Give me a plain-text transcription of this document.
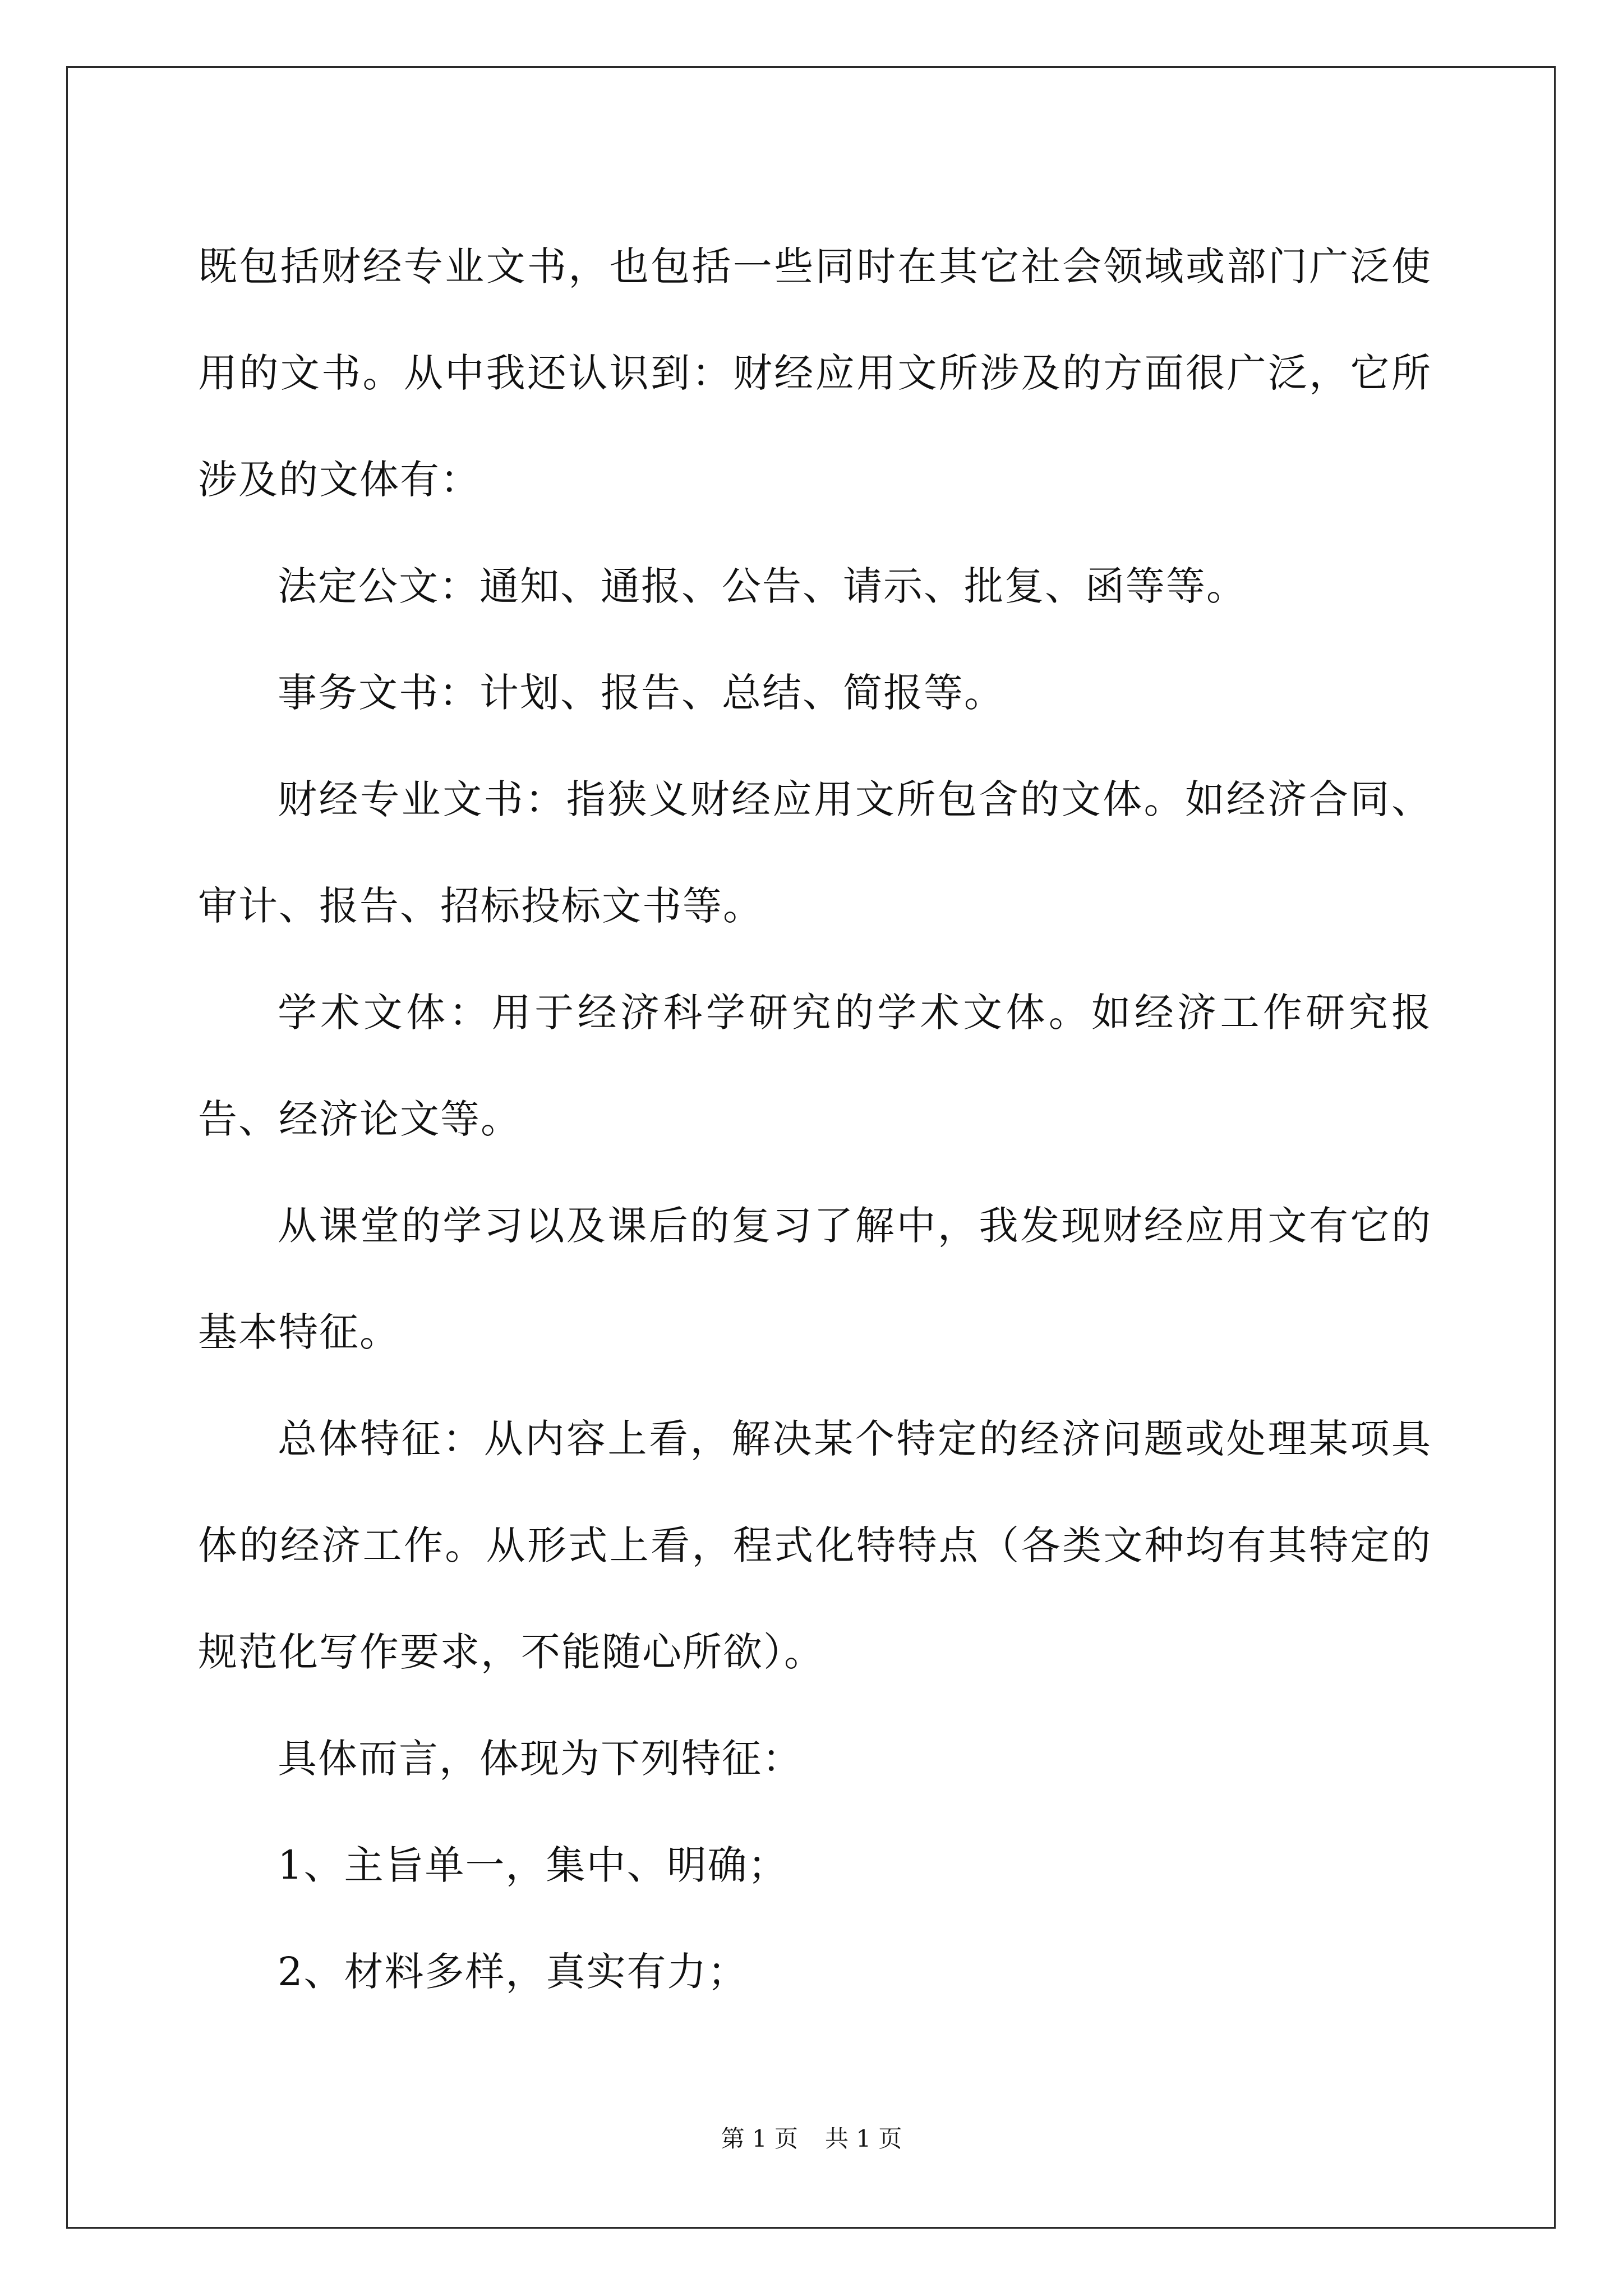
既包括财经专业文书，也包括一些同时在其它社会领域或部门广泛使用的文书。从中我还认识到：财经应用文所涉及的方面很广泛，它所涉及的文体有：

法定公文：通知、通报、公告、请示、批复、函等等。

事务文书：计划、报告、总结、简报等。

财经专业文书：指狭义财经应用文所包含的文体。如经济合同、审计、报告、招标投标文书等。

学术文体：用于经济科学研究的学术文体。如经济工作研究报告、经济论文等。

从课堂的学习以及课后的复习了解中，我发现财经应用文有它的基本特征。

总体特征：从内容上看，解决某个特定的经济问题或处理某项具体的经济工作。从形式上看，程式化特特点（各类文种均有其特定的规范化写作要求，不能随心所欲）。

具体而言，体现为下列特征：

1、主旨单一，集中、明确；

2、材料多样，真实有力；

第 1 页 共 1 页
